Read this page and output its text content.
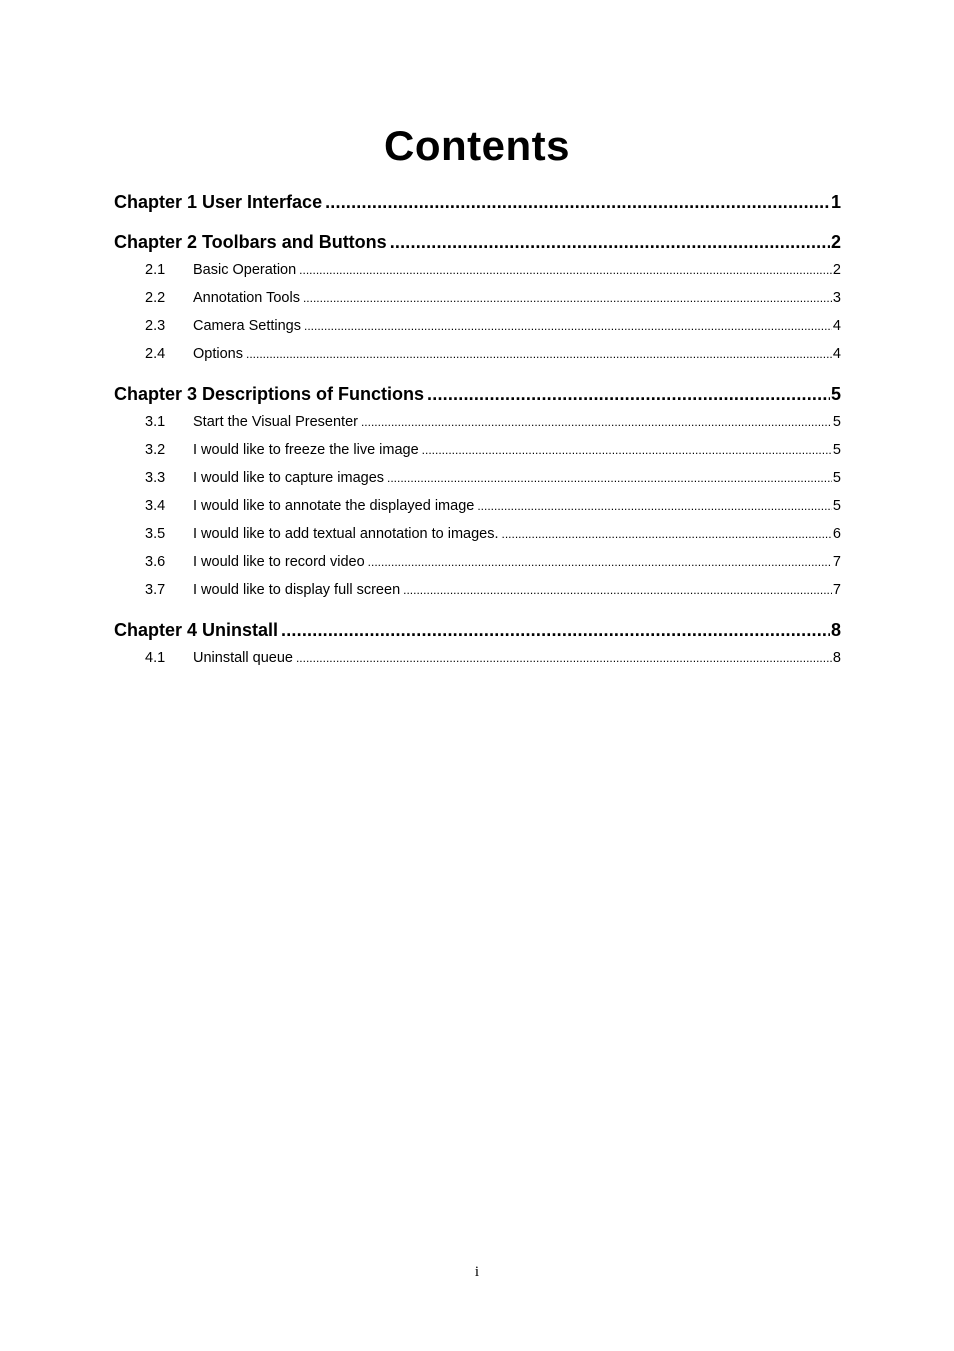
Contents
Chapter 1 User Interface .....	1
Chapter 2 Toolbars and Buttons .....	2
2.1	Basic Operation .....	2
2.2	Annotation Tools .....	3
2.3	Camera Settings .....	4
2.4	Options .....	4
Chapter 3 Descriptions of Functions .....	5
3.1	Start the Visual Presenter .....	5
3.2	I would like to freeze the live image .....	5
3.3	I would like to capture images .....	5
3.4	I would like to annotate the displayed image .....	5
3.5	I would like to add textual annotation to images. .....	6
3.6	I would like to record video .....	7
3.7	I would like to display full screen .....	7
Chapter 4 Uninstall .....	8
4.1	Uninstall queue .....	8
i
